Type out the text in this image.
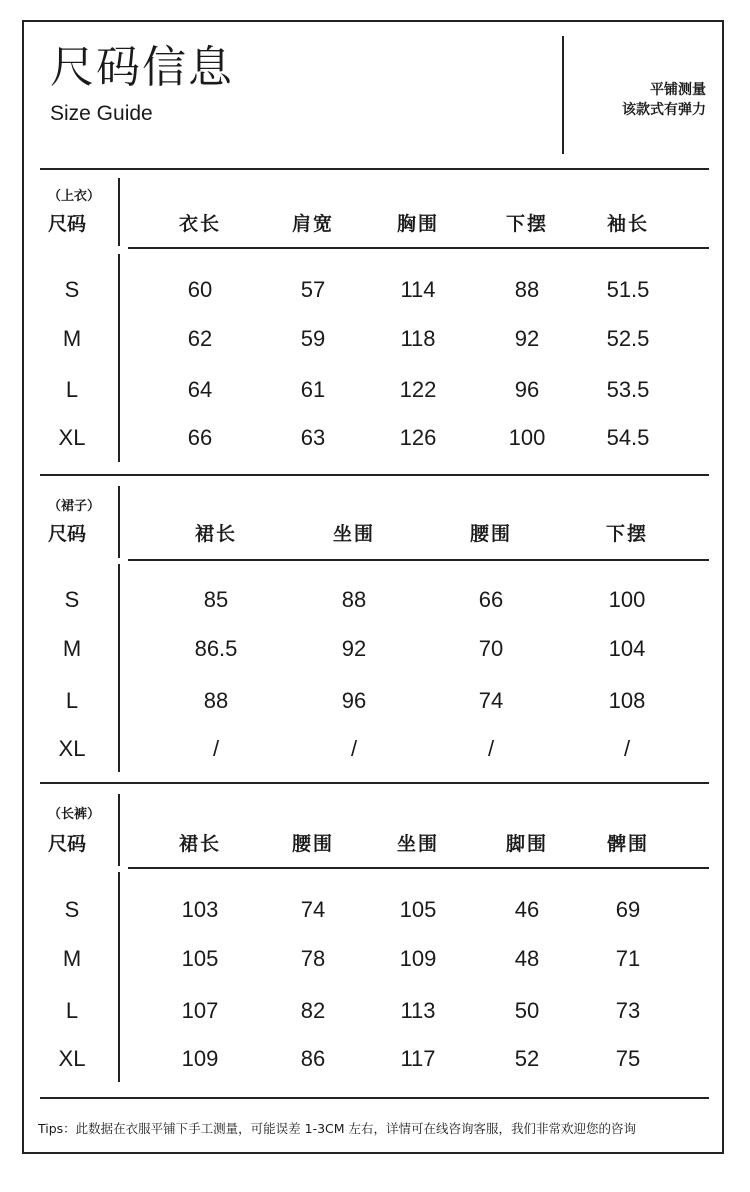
尺码信息
Size Guide
平铺测量
该款式有弹力
（上衣）
尺码	衣长	肩宽	胸围	下摆	袖长
S	60	57	114	88	51.5
M	62	59	118	92	52.5
L	64	61	122	96	53.5
XL	66	63	126	100	54.5
（裙子）
尺码	裙长	坐围	腰围	下摆
S	85	88	66	100
M	86.5	92	70	104
L	88	96	74	108
XL	/	/	/	/
（长裤）
尺码	裙长	腰围	坐围	脚围	髀围
S	103	74	105	46	69
M	105	78	109	48	71
L	107	82	113	50	73
XL	109	86	117	52	75
Tips：此数据在衣服平铺下手工测量，可能误差 1-3CM 左右，详情可在线咨询客服，我们非常欢迎您的咨询
